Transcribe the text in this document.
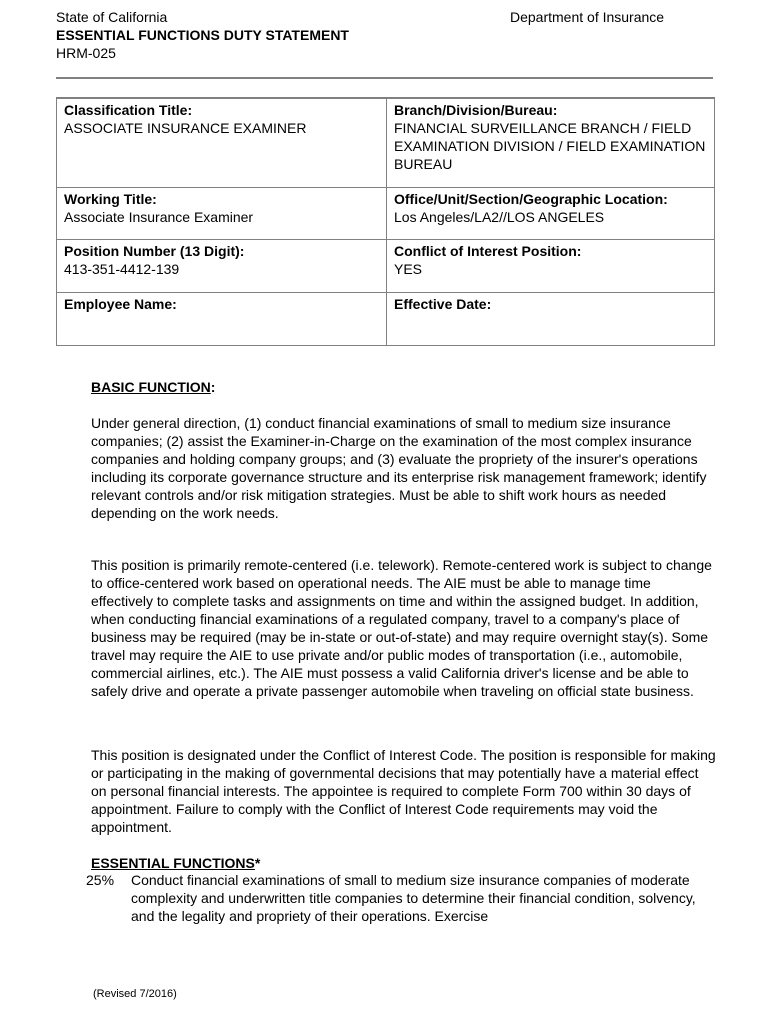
State of California
ESSENTIAL FUNCTIONS DUTY STATEMENT
HRM-025
Department of Insurance
Classification Title:
ASSOCIATE INSURANCE EXAMINER	Branch/Division/Bureau:
FINANCIAL SURVEILLANCE BRANCH / FIELD EXAMINATION DIVISION / FIELD EXAMINATION BUREAU

Working Title:
Associate Insurance Examiner	Office/Unit/Section/Geographic Location:
Los Angeles/LA2//LOS ANGELES

Position Number (13 Digit):
413-351-4412-139	Conflict of Interest Position:
YES

Employee Name:	Effective Date:
BASIC FUNCTION:

Under general direction, (1) conduct financial examinations of small to medium size insurance companies; (2) assist the Examiner-in-Charge on the examination of the most complex insurance companies and holding company groups; and (3) evaluate the propriety of the insurer's operations including its corporate governance structure and its enterprise risk management framework; identify relevant controls and/or risk mitigation strategies. Must be able to shift work hours as needed depending on the work needs.

This position is primarily remote-centered (i.e. telework). Remote-centered work is subject to change to office-centered work based on operational needs. The AIE must be able to manage time effectively to complete tasks and assignments on time and within the assigned budget. In addition, when conducting financial examinations of a regulated company, travel to a company's place of business may be required (may be in-state or out-of-state) and may require overnight stay(s). Some travel may require the AIE to use private and/or public modes of transportation (i.e., automobile, commercial airlines, etc.). The AIE must possess a valid California driver's license and be able to safely drive and operate a private passenger automobile when traveling on official state business.

This position is designated under the Conflict of Interest Code. The position is responsible for making or participating in the making of governmental decisions that may potentially have a material effect on personal financial interests. The appointee is required to complete Form 700 within 30 days of appointment. Failure to comply with the Conflict of Interest Code requirements may void the appointment.

ESSENTIAL FUNCTIONS*
25%	Conduct financial examinations of small to medium size insurance companies of moderate complexity and underwritten title companies to determine their financial condition, solvency, and the legality and propriety of their operations. Exercise

(Revised 7/2016)
